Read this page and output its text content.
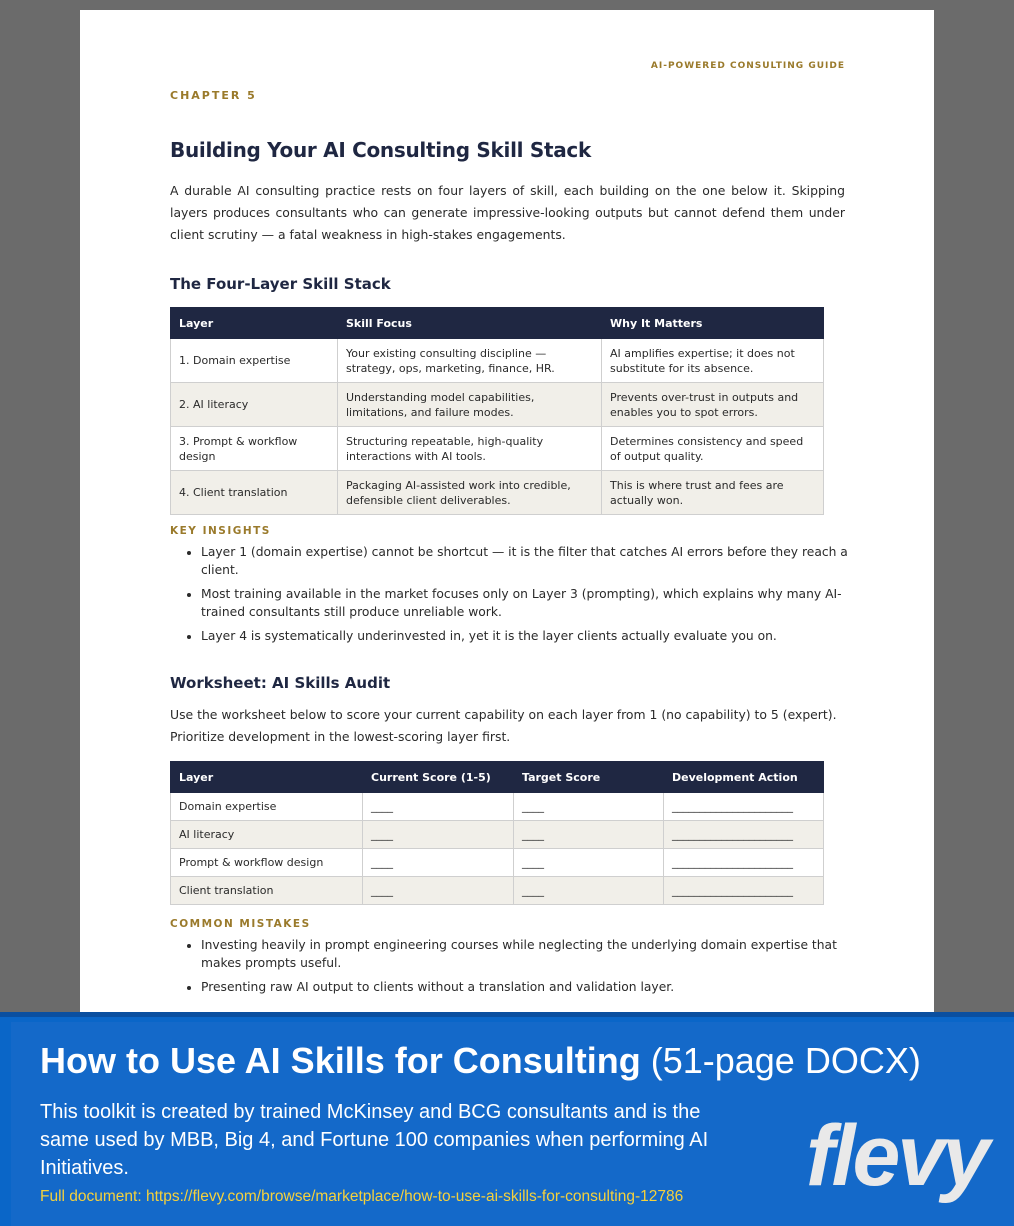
AI-POWERED CONSULTING GUIDE
CHAPTER 5
Building Your AI Consulting Skill Stack
A durable AI consulting practice rests on four layers of skill, each building on the one below it. Skipping layers produces consultants who can generate impressive-looking outputs but cannot defend them under client scrutiny — a fatal weakness in high-stakes engagements.
The Four-Layer Skill Stack
Layer	Skill Focus	Why It Matters
1. Domain expertise	Your existing consulting discipline — strategy, ops, marketing, finance, HR.	AI amplifies expertise; it does not substitute for its absence.
2. AI literacy	Understanding model capabilities, limitations, and failure modes.	Prevents over-trust in outputs and enables you to spot errors.
3. Prompt & workflow design	Structuring repeatable, high-quality interactions with AI tools.	Determines consistency and speed of output quality.
4. Client translation	Packaging AI-assisted work into credible, defensible client deliverables.	This is where trust and fees are actually won.
KEY INSIGHTS
• Layer 1 (domain expertise) cannot be shortcut — it is the filter that catches AI errors before they reach a client.
• Most training available in the market focuses only on Layer 3 (prompting), which explains why many AI-trained consultants still produce unreliable work.
• Layer 4 is systematically underinvested in, yet it is the layer clients actually evaluate you on.
Worksheet: AI Skills Audit
Use the worksheet below to score your current capability on each layer from 1 (no capability) to 5 (expert). Prioritize development in the lowest-scoring layer first.
Layer	Current Score (1-5)	Target Score	Development Action
Domain expertise	____	____	______________________
AI literacy	____	____	______________________
Prompt & workflow design	____	____	______________________
Client translation	____	____	______________________
COMMON MISTAKES
• Investing heavily in prompt engineering courses while neglecting the underlying domain expertise that makes prompts useful.
• Presenting raw AI output to clients without a translation and validation layer.
How to Use AI Skills for Consulting (51-page DOCX)
This toolkit is created by trained McKinsey and BCG consultants and is the same used by MBB, Big 4, and Fortune 100 companies when performing AI Initiatives.
Full document: https://flevy.com/browse/marketplace/how-to-use-ai-skills-for-consulting-12786 flevy
